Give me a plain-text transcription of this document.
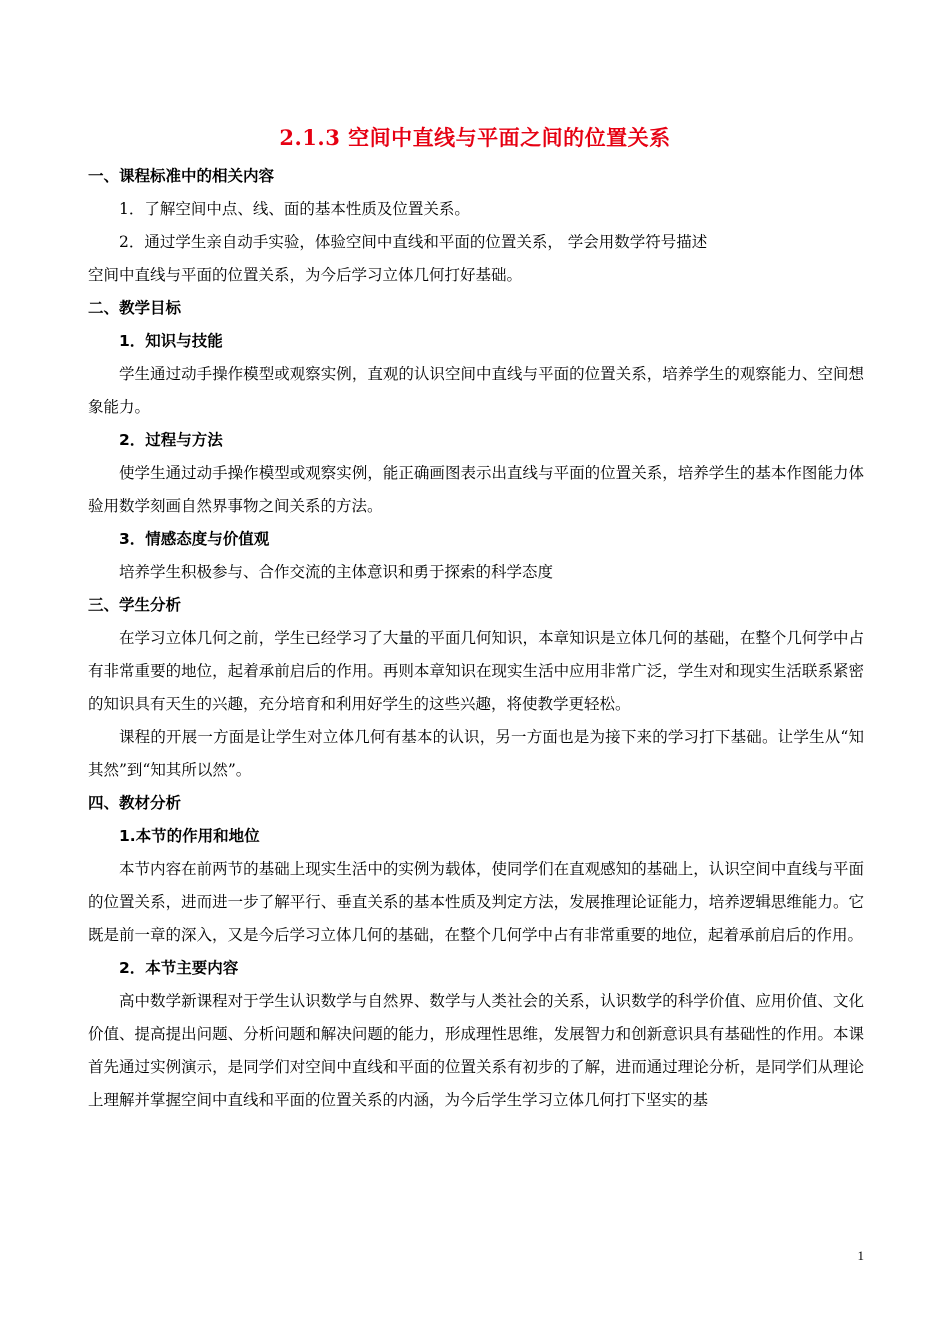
2.1.3 空间中直线与平面之间的位置关系
一、课程标准中的相关内容
1．了解空间中点、线、面的基本性质及位置关系。
2．通过学生亲自动手实验，体验空间中直线和平面的位置关系， 学会用数学符号描述
空间中直线与平面的位置关系，为今后学习立体几何打好基础。
二、教学目标
1．知识与技能
学生通过动手操作模型或观察实例，直观的认识空间中直线与平面的位置关系，培养学生的观察能力、空间想象能力。
2．过程与方法
使学生通过动手操作模型或观察实例，能正确画图表示出直线与平面的位置关系，培养学生的基本作图能力体验用数学刻画自然界事物之间关系的方法。
3．情感态度与价值观
培养学生积极参与、合作交流的主体意识和勇于探索的科学态度
三、学生分析
在学习立体几何之前，学生已经学习了大量的平面几何知识，本章知识是立体几何的基础，在整个几何学中占有非常重要的地位，起着承前启后的作用。再则本章知识在现实生活中应用非常广泛，学生对和现实生活联系紧密的知识具有天生的兴趣，充分培育和利用好学生的这些兴趣，将使教学更轻松。
课程的开展一方面是让学生对立体几何有基本的认识，另一方面也是为接下来的学习打下基础。让学生从“知其然”到“知其所以然”。
四、教材分析
1.本节的作用和地位
本节内容在前两节的基础上现实生活中的实例为载体，使同学们在直观感知的基础上，认识空间中直线与平面的位置关系，进而进一步了解平行、垂直关系的基本性质及判定方法，发展推理论证能力，培养逻辑思维能力。它既是前一章的深入，又是今后学习立体几何的基础，在整个几何学中占有非常重要的地位，起着承前启后的作用。
2．本节主要内容
高中数学新课程对于学生认识数学与自然界、数学与人类社会的关系，认识数学的科学价值、应用价值、文化价值、提高提出问题、分析问题和解决问题的能力，形成理性思维，发展智力和创新意识具有基础性的作用。本课首先通过实例演示，是同学们对空间中直线和平面的位置关系有初步的了解，进而通过理论分析，是同学们从理论上理解并掌握空间中直线和平面的位置关系的内涵，为今后学生学习立体几何打下坚实的基
1
